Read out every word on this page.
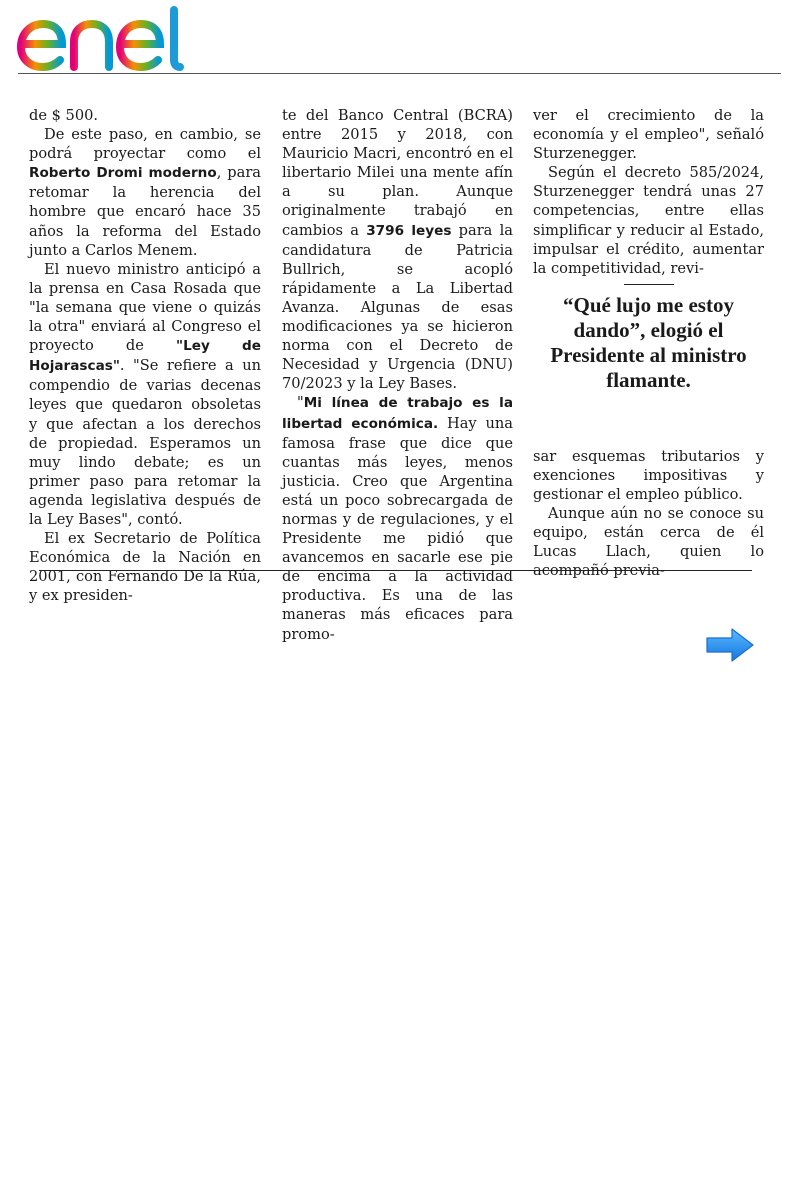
de $ 500.

De este paso, en cambio, se podrá proyectar como el Roberto Dromi moderno, para retomar la herencia del hombre que encaró hace 35 años la reforma del Estado junto a Carlos Menem.

El nuevo ministro anticipó a la prensa en Casa Rosada que "la semana que viene o quizás la otra" enviará al Congreso el proyecto de "Ley de Hojarascas". "Se refiere a un compendio de varias decenas leyes que quedaron obsoletas y que afectan a los derechos de propiedad. Esperamos un muy lindo debate; es un primer paso para retomar la agenda legislativa después de la Ley Bases", contó.

El ex Secretario de Política Económica de la Nación en 2001, con Fernando De la Rúa, y ex presiden-

te del Banco Central (BCRA) entre 2015 y 2018, con Mauricio Macri, encontró en el libertario Milei una mente afín a su plan. Aunque originalmente trabajó en cambios a 3796 leyes para la candidatura de Patricia Bullrich, se acopló rápidamente a La Libertad Avanza. Algunas de esas modificaciones ya se hicieron norma con el Decreto de Necesidad y Urgencia (DNU) 70/2023 y la Ley Bases.

"Mi línea de trabajo es la libertad económica. Hay una famosa frase que dice que cuantas más leyes, menos justicia. Creo que Argentina está un poco sobrecargada de normas y de regulaciones, y el Presidente me pidió que avancemos en sacarle ese pie de encima a la actividad productiva. Es una de las maneras más eficaces para promo-

ver el crecimiento de la economía y el empleo", señaló Sturzenegger.

Según el decreto 585/2024, Sturzenegger tendrá unas 27 competencias, entre ellas simplificar y reducir al Estado, impulsar el crédito, aumentar la competitividad, revi-

“Qué lujo me estoy dando”, elogió el Presidente al ministro flamante.

sar esquemas tributarios y exenciones impositivas y gestionar el empleo público.

Aunque aún no se conoce su equipo, están cerca de él Lucas Llach, quien lo acompañó previa-
